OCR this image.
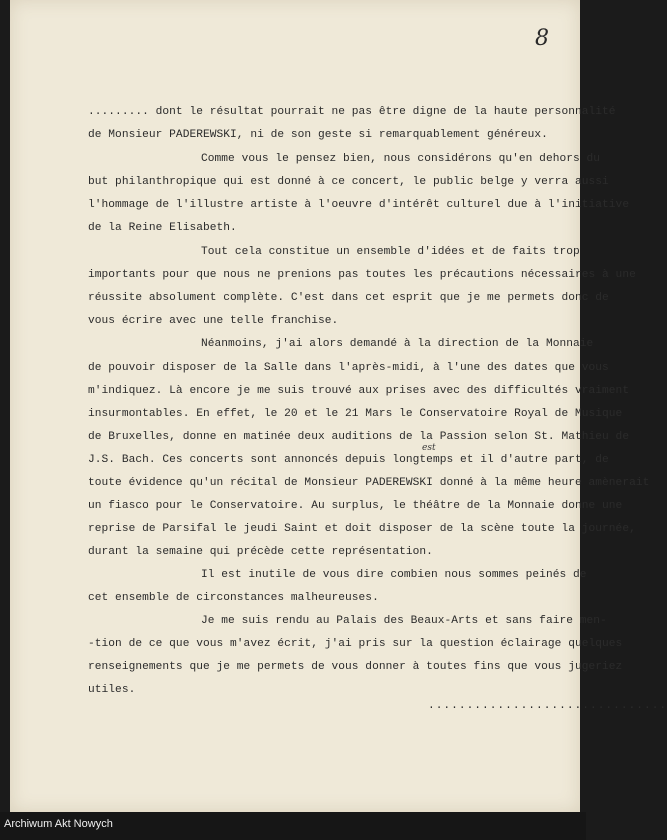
8
......... dont le résultat pourrait ne pas être digne de la haute personnalité
de Monsieur PADEREWSKI, ni de son geste si remarquablement généreux.
Comme vous le pensez bien, nous considérons qu'en dehors du
but philanthropique qui est donné à ce concert, le public belge y verra aussi
l'hommage de l'illustre artiste à l'oeuvre d'intérêt culturel due à l'initiative
de la Reine Elisabeth.
Tout cela constitue un ensemble d'idées et de faits trop
importants pour que nous ne prenions pas toutes les précautions nécessaires à une
réussite absolument complète. C'est dans cet esprit que je me permets donc de
vous écrire avec une telle franchise.
Néanmoins, j'ai alors demandé à la direction de la Monnaie
de pouvoir disposer de la Salle dans l'après-midi, à l'une des dates que vous
m'indiquez. Là encore je me suis trouvé aux prises avec des difficultés vraiment
insurmontables. En effet, le 20 et le 21 Mars le Conservatoire Royal de Musique
de Bruxelles, donne en matinée deux auditions de la Passion selon St. Mathieu de
J.S. Bach. Ces concerts sont annoncés depuis longtemps et il d'autre part, de
toute évidence qu'un récital de Monsieur PADEREWSKI donné à la même heure amènerait
un fiasco pour le Conservatoire. Au surplus, le théâtre de la Monnaie donne une
reprise de Parsifal le jeudi Saint et doit disposer de la scène toute la journée,
durant la semaine qui précède cette représentation.
Il est inutile de vous dire combien nous sommes peinés de
cet ensemble de circonstances malheureuses.
Je me suis rendu au Palais des Beaux-Arts et sans faire men-
-tion de ce que vous m'avez écrit, j'ai pris sur la question éclairage quelques
renseignements que je me permets de vous donner à toutes fins que vous jugeriez
utiles.
est
...............................
Archiwum Akt Nowych
